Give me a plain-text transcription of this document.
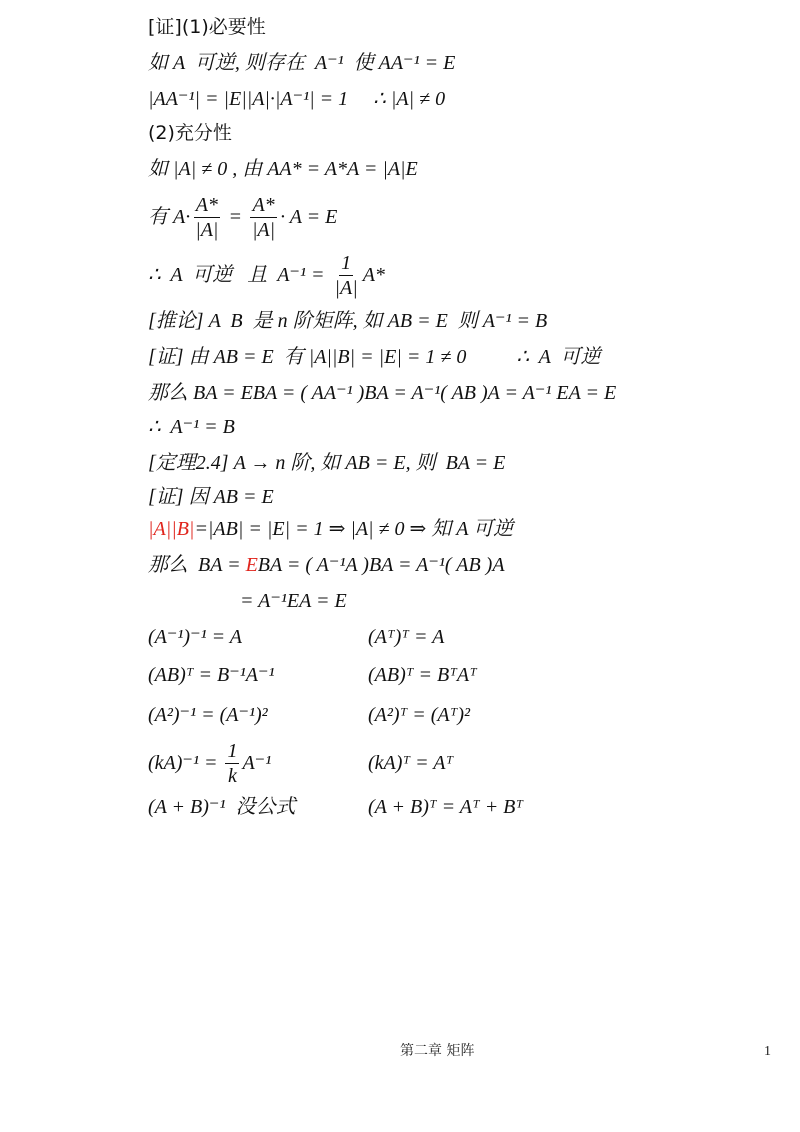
[证](1)必要性
如 A  可逆, 则存在  A⁻¹  使 AA⁻¹ = E
|AA⁻¹| = |E||A|·|A⁻¹| = 1     ∴ |A| ≠ 0
(2)充分性
如 |A| ≠ 0 , 由 AA* = A*A = |A|E
有 $A\cdot \frac{A*}{|A|} = \frac{A*}{|A|} \cdot A = E$
∴  A  可逆   且  $A^{-1} = \frac{1}{|A|} A*$
[推论] A  B  是 n 阶矩阵, 如 AB = E  则 A⁻¹ = B
[证] 由 AB = E  有 |A||B| = |E| = 1 ≠ 0          ∴  A  可逆
那么 BA = EBA = ( AA⁻¹ )BA = A⁻¹( AB )A = A⁻¹ EA = E
∴  A⁻¹ = B
[定理2.4] A → n 阶, 如 AB = E, 则  BA = E
[证] 因 AB = E
|A||B| =|AB| = |E| = 1 ⇒ |A| ≠ 0 ⇒ 知 A 可逆
那么  BA = E BA = ( A⁻¹A )BA = A⁻¹( AB )A
= A⁻¹EA = E
(A⁻¹)⁻¹ = A	(Aᵀ)ᵀ = A
(AB)ᵀ = B⁻¹A⁻¹	(AB)ᵀ = BᵀAᵀ
(A²)⁻¹ = (A⁻¹)²	(A²)ᵀ = (Aᵀ)²
$(kA)^{-1} = \frac{1}{k} A^{-1}$	(kA)ᵀ = Aᵀ
(A + B)⁻¹  没公式	(A + B)ᵀ = Aᵀ + Bᵀ
第二章 矩阵	1
